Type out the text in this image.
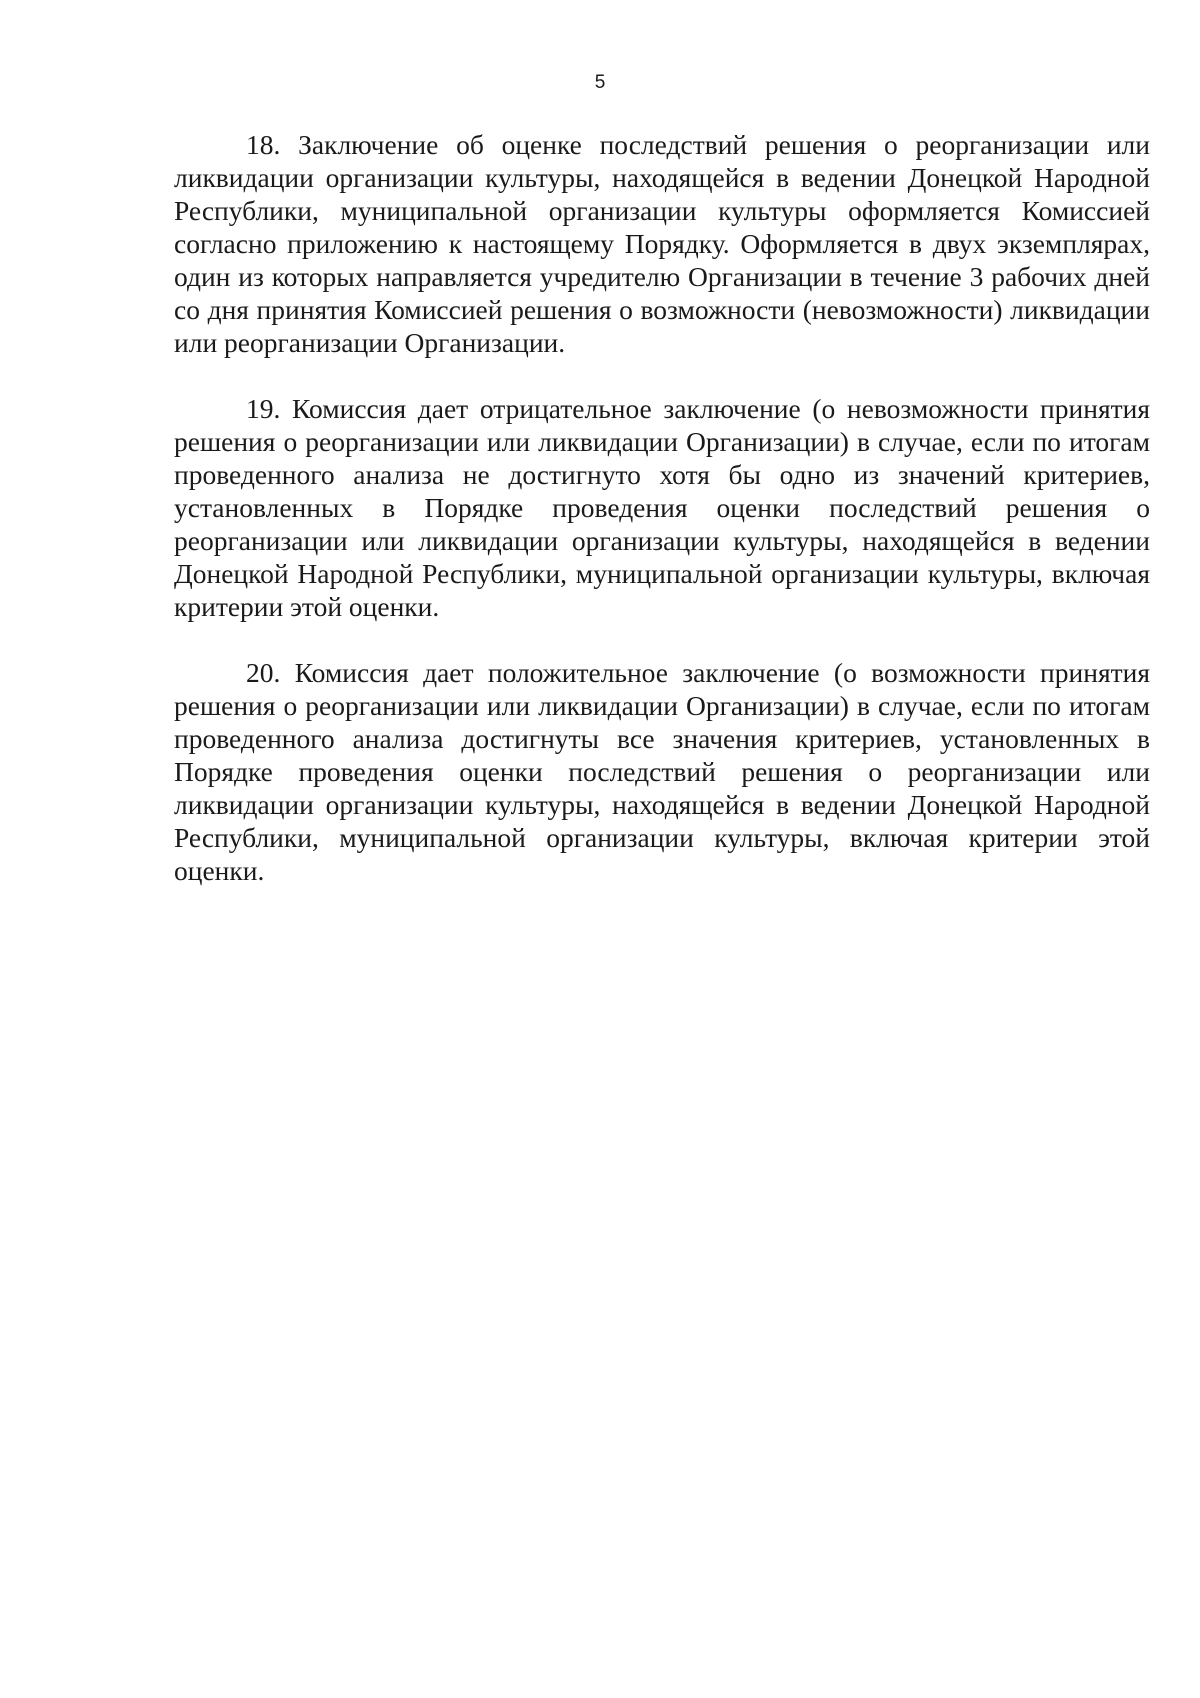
5

18. Заключение об оценке последствий решения о реорганизации или ликвидации организации культуры, находящейся в ведении Донецкой Народной Республики, муниципальной организации культуры оформляется Комиссией согласно приложению к настоящему Порядку. Оформляется в двух экземплярах, один из которых направляется учредителю Организации в течение 3 рабочих дней со дня принятия Комиссией решения о возможности (невозможности) ликвидации или реорганизации Организации.

19. Комиссия дает отрицательное заключение (о невозможности принятия решения о реорганизации или ликвидации Организации) в случае, если по итогам проведенного анализа не достигнуто хотя бы одно из значений критериев, установленных в Порядке проведения оценки последствий решения о реорганизации или ликвидации организации культуры, находящейся в ведении Донецкой Народной Республики, муниципальной организации культуры, включая критерии этой оценки.

20. Комиссия дает положительное заключение (о возможности принятия решения о реорганизации или ликвидации Организации) в случае, если по итогам проведенного анализа достигнуты все значения критериев, установленных в Порядке проведения оценки последствий решения о реорганизации или ликвидации организации культуры, находящейся в ведении Донецкой Народной Республики, муниципальной организации культуры, включая критерии этой оценки.
